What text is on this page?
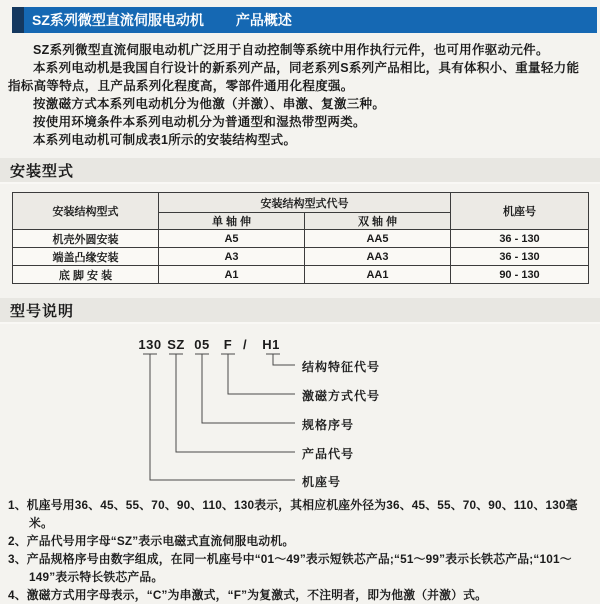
SZ系列微型直流伺服电动机 产品概述

SZ系列微型直流伺服电动机广泛用于自动控制等系统中用作执行元件，也可用作驱动元件。

本系列电动机是我国自行设计的新系列产品，同老系列S系列产品相比，具有体积小、重量轻力能指标高等特点，且产品系列化程度高，零部件通用化程度强。

按激磁方式本系列电动机分为他激（并激）、串激、复激三种。

按使用环境条件本系列电动机分为普通型和湿热带型两类。

本系列电动机可制成表1所示的安装结构型式。

安装型式
安装结构型式	安装结构型式代号		机座号
	单 轴 伸	双 轴 伸	
机壳外圆安装	A5	AA5	36 - 130
端盖凸缘安装	A3	AA3	36 - 130
底 脚 安 装	A1	AA1	90 - 130
型号说明
130 SZ 05 F / H1
结构特征代号
激磁方式代号
规格序号
产品代号
机座号
1、机座号用36、45、55、70、90、110、130表示，其相应机座外径为36、45、55、70、90、110、130毫米。
2、产品代号用字母“SZ”表示电磁式直流伺服电动机。
3、产品规格序号由数字组成，在同一机座号中“01～49”表示短铁芯产品;“51～99”表示长铁芯产品;“101～149”表示特长铁芯产品。
4、激磁方式用字母表示，“C”为串激式，“F”为复激式，不注明者，即为他激（并激）式。
